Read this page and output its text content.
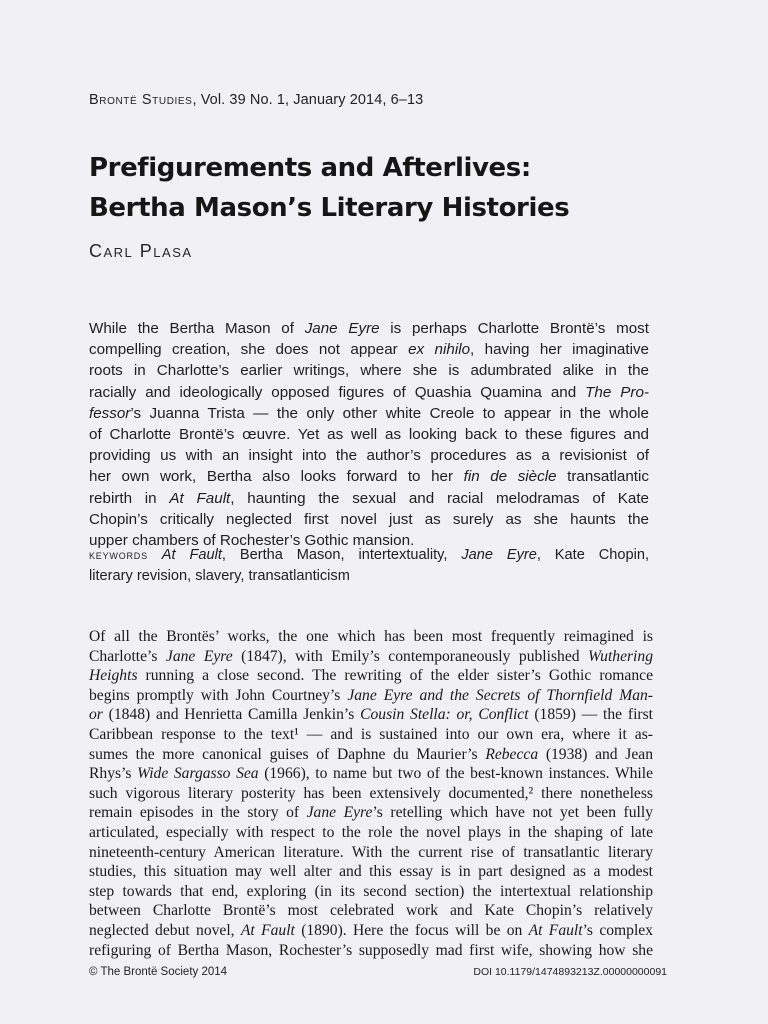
Brontë Studies, Vol. 39 No. 1, January 2014, 6–13
Prefigurements and Afterlives:
Bertha Mason’s Literary Histories
Carl Plasa
While the Bertha Mason of Jane Eyre is perhaps Charlotte Brontë’s most
compelling creation, she does not appear ex nihilo, having her imaginative
roots in Charlotte’s earlier writings, where she is adumbrated alike in the
racially and ideologically opposed figures of Quashia Quamina and The Pro-
fessor’s Juanna Trista — the only other white Creole to appear in the whole
of Charlotte Brontë’s œuvre. Yet as well as looking back to these figures and
providing us with an insight into the author’s procedures as a revisionist of
her own work, Bertha also looks forward to her fin de siècle transatlantic
rebirth in At Fault, haunting the sexual and racial melodramas of Kate
Chopin’s critically neglected first novel just as surely as she haunts the
upper chambers of Rochester’s Gothic mansion.
keywords At Fault, Bertha Mason, intertextuality, Jane Eyre, Kate Chopin,
literary revision, slavery, transatlanticism
Of all the Brontës’ works, the one which has been most frequently reimagined is
Charlotte’s Jane Eyre (1847), with Emily’s contemporaneously published Wuthering
Heights running a close second. The rewriting of the elder sister’s Gothic romance
begins promptly with John Courtney’s Jane Eyre and the Secrets of Thornfield Man-
or (1848) and Henrietta Camilla Jenkin’s Cousin Stella: or, Conflict (1859) — the first
Caribbean response to the text¹ — and is sustained into our own era, where it as-
sumes the more canonical guises of Daphne du Maurier’s Rebecca (1938) and Jean
Rhys’s Wide Sargasso Sea (1966), to name but two of the best-known instances. While
such vigorous literary posterity has been extensively documented,² there nonetheless
remain episodes in the story of Jane Eyre’s retelling which have not yet been fully
articulated, especially with respect to the role the novel plays in the shaping of late
nineteenth-century American literature. With the current rise of transatlantic literary
studies, this situation may well alter and this essay is in part designed as a modest
step towards that end, exploring (in its second section) the intertextual relationship
between Charlotte Brontë’s most celebrated work and Kate Chopin’s relatively
neglected debut novel, At Fault (1890). Here the focus will be on At Fault’s complex
refiguring of Bertha Mason, Rochester’s supposedly mad first wife, showing how she
© The Brontë Society 2014	DOI 10.1179/1474893213Z.00000000091
